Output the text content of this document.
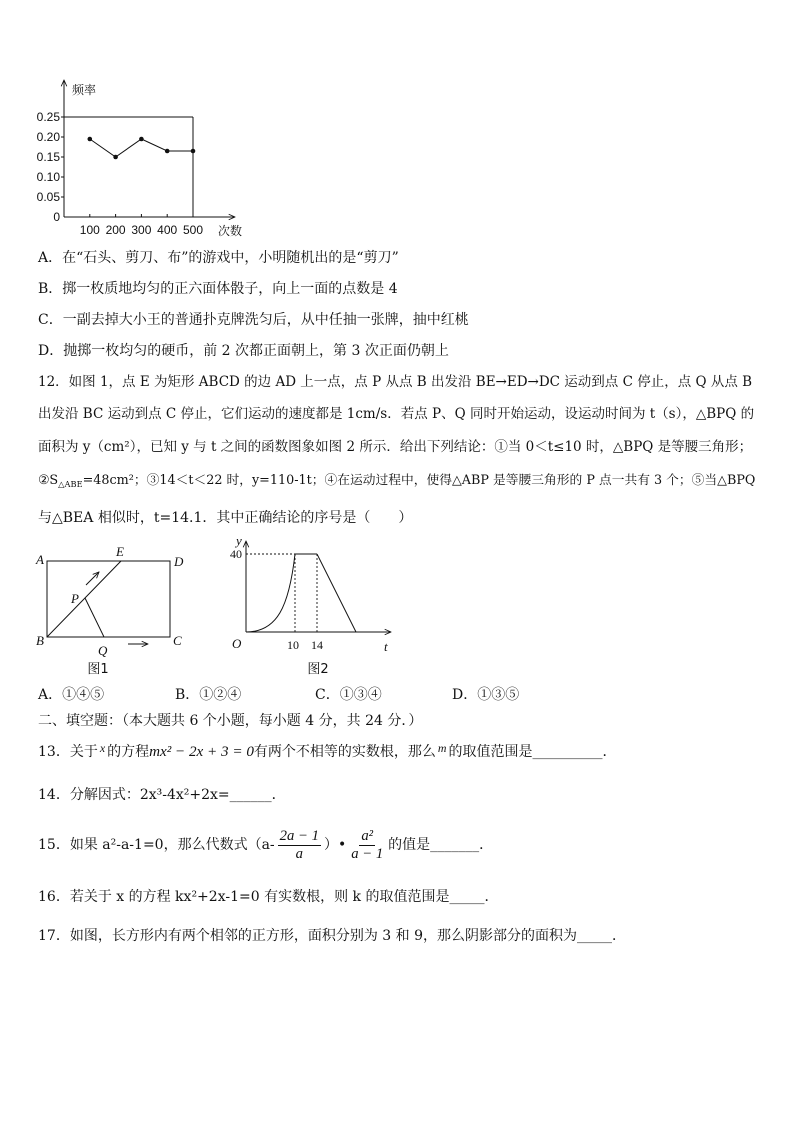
频率
次数
0
0.05
0.10
0.15
0.20
0.25
100 200 300 400 500
A．在“石头、剪刀、布”的游戏中，小明随机出的是“剪刀”
B．掷一枚质地均匀的正六面体骰子，向上一面的点数是 4
C．一副去掉大小王的普通扑克牌洗匀后，从中任抽一张牌，抽中红桃
D．抛掷一枚均匀的硬币，前 2 次都正面朝上，第 3 次正面仍朝上
12．如图 1，点 E 为矩形 ABCD 的边 AD 上一点，点 P 从点 B 出发沿 BE→ED→DC 运动到点 C 停止，点 Q 从点 B
出发沿 BC 运动到点 C 停止，它们运动的速度都是 1cm/s．若点 P、Q 同时开始运动，设运动时间为 t（s），△BPQ 的
面积为 y（cm²），已知 y 与 t 之间的函数图象如图 2 所示．给出下列结论：①当 0＜t≤10 时，△BPQ 是等腰三角形；
$②S_{\triangle ABE}=48cm^2$；③14＜t＜22 时，y=110-1t；④在运动过程中，使得△ABP 是等腰三角形的 P 点一共有 3 个；⑤当△BPQ
与△BEA 相似时，t=14.1．其中正确结论的序号是（　　）
A
E
D
B
Q
C
P
图1
y
40
O	10 14	t
图2
A．①④⑤	B．①②④	C．①③④	D．①③⑤
二、填空题：（本大题共 6 个小题，每小题 4 分，共 24 分．）
13．关于 $^x$ 的方程mx² − 2x + 3 = 0有两个不相等的实数根，那么 $^m$ 的取值范围是__________．
14．分解因式：2x³-4x²+2x=______．
15．如果 a²-a-1=0，那么代数式（$a- \frac{2a - 1}{a}$ ）• $\frac{\text{a²}}{a - 1}$ 的值是_______．
16．若关于 x 的方程 kx²+2x-1=0 有实数根，则 k 的取值范围是_____．
17．如图，长方形内有两个相邻的正方形，面积分别为 3 和 9，那么阴影部分的面积为_____．
